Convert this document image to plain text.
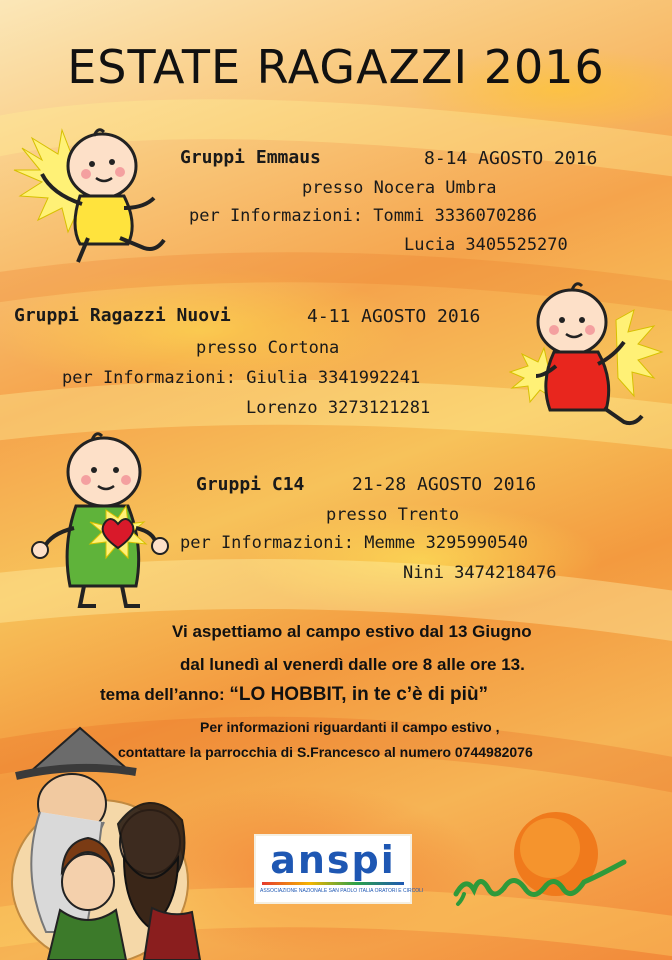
ESTATE RAGAZZI 2016
Gruppi Emmaus	8-14 AGOSTO 2016
presso Nocera Umbra
per Informazioni: Tommi 3336070286
Lucia 3405525270
Gruppi Ragazzi Nuovi	4-11 AGOSTO 2016
presso Cortona
per Informazioni: Giulia 3341992241
Lorenzo 3273121281
Gruppi C14	21-28 AGOSTO 2016
presso Trento
per Informazioni: Memme 3295990540
Nini 3474218476
Vi aspettiamo al campo estivo dal 13 Giugno
dal lunedì al venerdì dalle ore 8 alle ore 13.
tema dell’anno: “LO HOBBIT, in te c’è di più”
Per informazioni riguardanti il campo estivo ,
contattare la parrocchia di S.Francesco al numero 0744982076
anspi
ASSOCIAZIONE NAZIONALE SAN PAOLO ITALIA ORATORI E CIRCOLI
